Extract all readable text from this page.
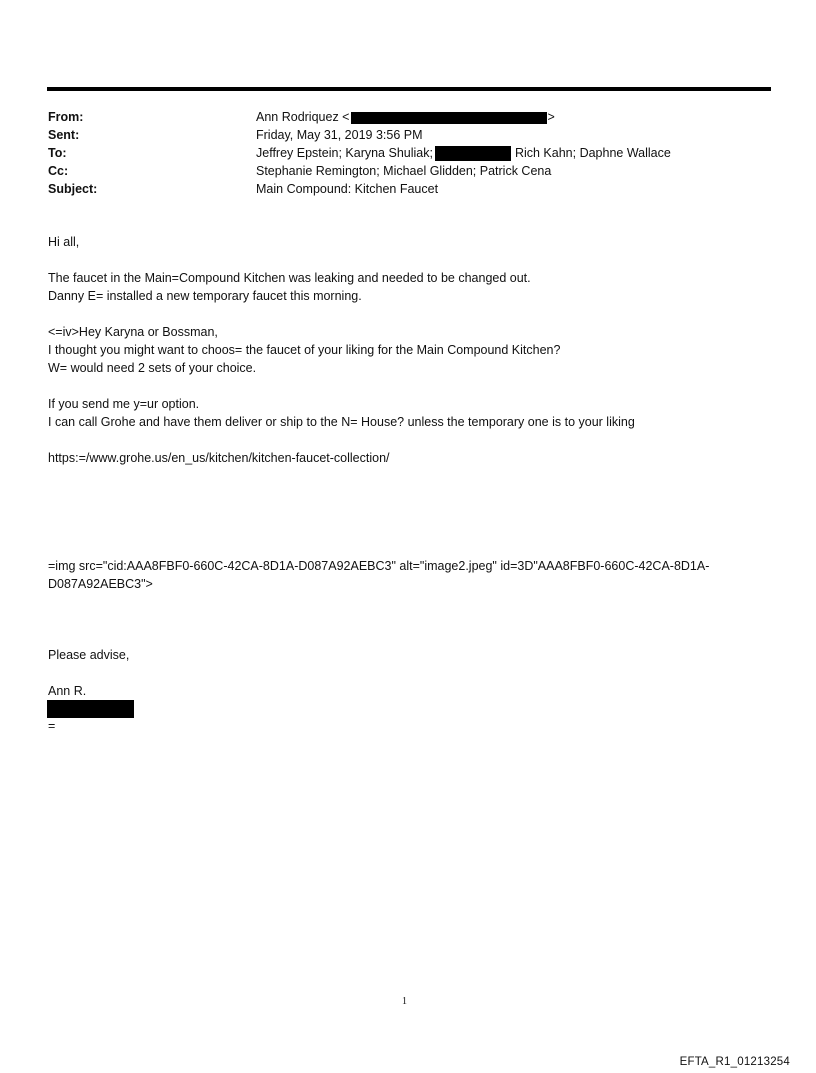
From:	Ann Rodriquez <	>
Sent:	Friday, May 31, 2019 3:56 PM
To:	Jeffrey Epstein; Karyna Shuliak;	Rich Kahn; Daphne Wallace
Cc:	Stephanie Remington; Michael Glidden; Patrick Cena
Subject:	Main Compound: Kitchen Faucet
Hi all,
The faucet in the Main=Compound Kitchen was leaking and needed to be changed out.
Danny E= installed a new temporary faucet this morning.
<=iv>Hey Karyna or Bossman,
I thought you might want to choos= the faucet of your liking for the Main Compound Kitchen?
W= would need 2 sets of your choice.
If you send me y=ur option.
I can call Grohe and have them deliver or ship to the N= House? unless the temporary one is to your liking
https:=/www.grohe.us/en_us/kitchen/kitchen-faucet-collection/
=img src="cid:AAA8FBF0-660C-42CA-8D1A-D087A92AEBC3" alt="image2.jpeg" id=3D"AAA8FBF0-660C-42CA-8D1A-
D087A92AEBC3">
Please advise,
Ann R.
=
1
EFTA_R1_01213254
